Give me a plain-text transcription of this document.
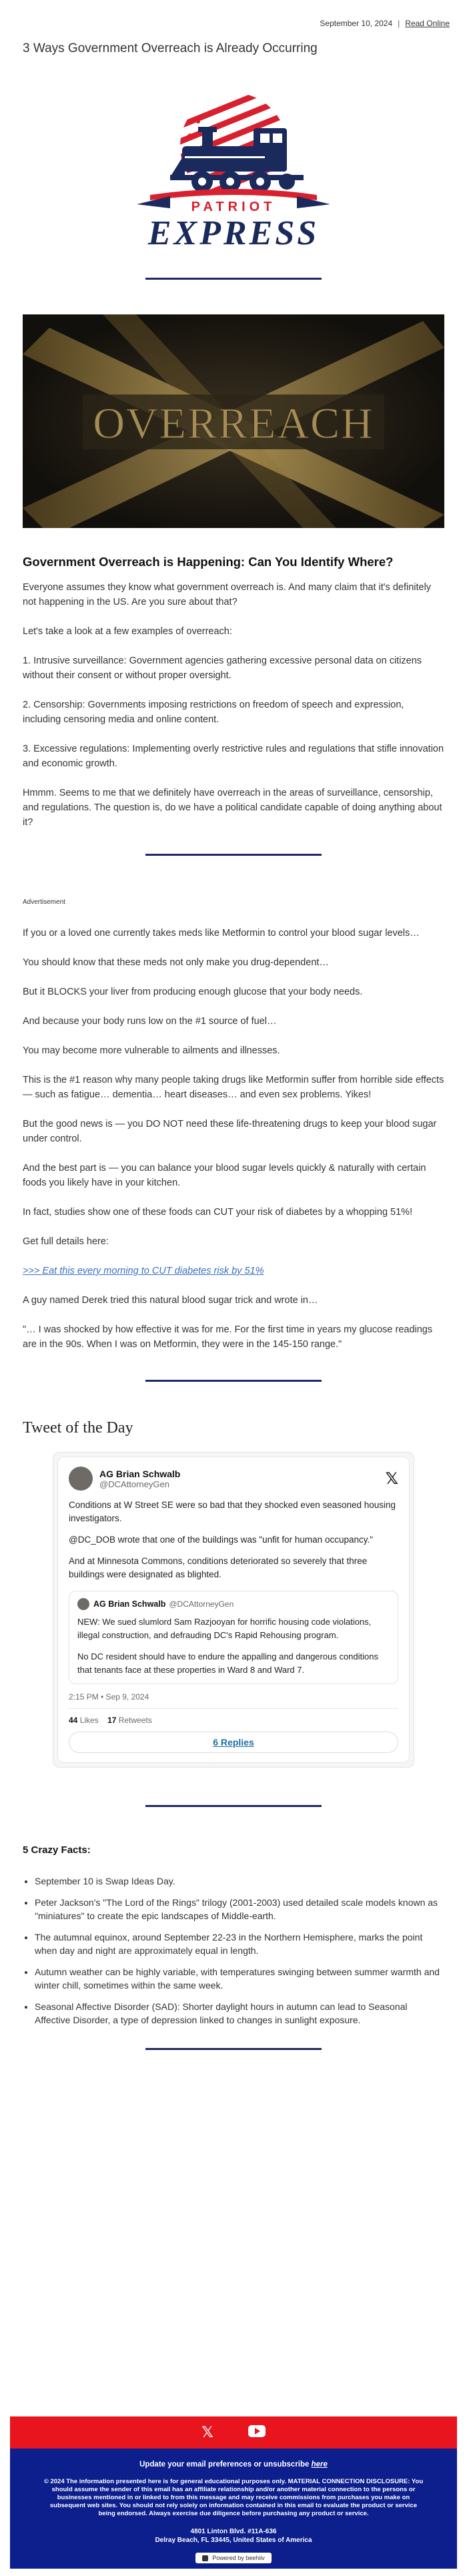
September 10, 2024 | Read Online
3 Ways Government Overreach is Already Occurring
PATRIOT
EXPRESS
OVERREACH
Government Overreach is Happening: Can You Identify Where?

Everyone assumes they know what government overreach is. And many claim that it's definitely not happening in the US. Are you sure about that?

Let's take a look at a few examples of overreach:

1. Intrusive surveillance: Government agencies gathering excessive personal data on citizens without their consent or without proper oversight.

2. Censorship: Governments imposing restrictions on freedom of speech and expression, including censoring media and online content.

3. Excessive regulations: Implementing overly restrictive rules and regulations that stifle innovation and economic growth.

Hmmm. Seems to me that we definitely have overreach in the areas of surveillance, censorship, and regulations. The question is, do we have a political candidate capable of doing anything about it?

Advertisement

If you or a loved one currently takes meds like Metformin to control your blood sugar levels…

You should know that these meds not only make you drug-dependent…

But it BLOCKS your liver from producing enough glucose that your body needs.

And because your body runs low on the #1 source of fuel…

You may become more vulnerable to ailments and illnesses.

This is the #1 reason why many people taking drugs like Metformin suffer from horrible side effects — such as fatigue… dementia… heart diseases… and even sex problems. Yikes!

But the good news is — you DO NOT need these life-threatening drugs to keep your blood sugar under control.

And the best part is — you can balance your blood sugar levels quickly & naturally with certain foods you likely have in your kitchen.

In fact, studies show one of these foods can CUT your risk of diabetes by a whopping 51%!

Get full details here:

>>> Eat this every morning to CUT diabetes risk by 51%

A guy named Derek tried this natural blood sugar trick and wrote in…

"… I was shocked by how effective it was for me. For the first time in years my glucose readings are in the 90s. When I was on Metformin, they were in the 145-150 range."

Tweet of the Day
AG Brian Schwalb
@DCAttorneyGen	𝕏

Conditions at W Street SE were so bad that they shocked even seasoned housing investigators.

@DC_DOB wrote that one of the buildings was "unfit for human occupancy."

And at Minnesota Commons, conditions deteriorated so severely that three buildings were designated as blighted.

AG Brian Schwalb @DCAttorneyGen

NEW: We sued slumlord Sam Razjooyan for horrific housing code violations, illegal construction, and defrauding DC's Rapid Rehousing program.

No DC resident should have to endure the appalling and dangerous conditions that tenants face at these properties in Ward 8 and Ward 7.

2:15 PM • Sep 9, 2024
44 Likes 17 Retweets
6 Replies
5 Crazy Facts:
• September 10 is Swap Ideas Day.
• Peter Jackson's "The Lord of the Rings" trilogy (2001-2003) used detailed scale models known as "miniatures" to create the epic landscapes of Middle-earth.
• The autumnal equinox, around September 22-23 in the Northern Hemisphere, marks the point when day and night are approximately equal in length.
• Autumn weather can be highly variable, with temperatures swinging between summer warmth and winter chill, sometimes within the same week.
• Seasonal Affective Disorder (SAD): Shorter daylight hours in autumn can lead to Seasonal Affective Disorder, a type of depression linked to changes in sunlight exposure.
𝕏
Update your email preferences or unsubscribe here
© 2024 The information presented here is for general educational purposes only. MATERIAL CONNECTION DISCLOSURE: You should assume the sender of this email has an affiliate relationship and/or another material connection to the persons or businesses mentioned in or linked to from this message and may receive commissions from purchases you make on subsequent web sites. You should not rely solely on information contained in this email to evaluate the product or service being endorsed. Always exercise due diligence before purchasing any product or service.
4801 Linton Blvd. #11A-636
Delray Beach, FL 33445, United States of America
Powered by beehiiv
